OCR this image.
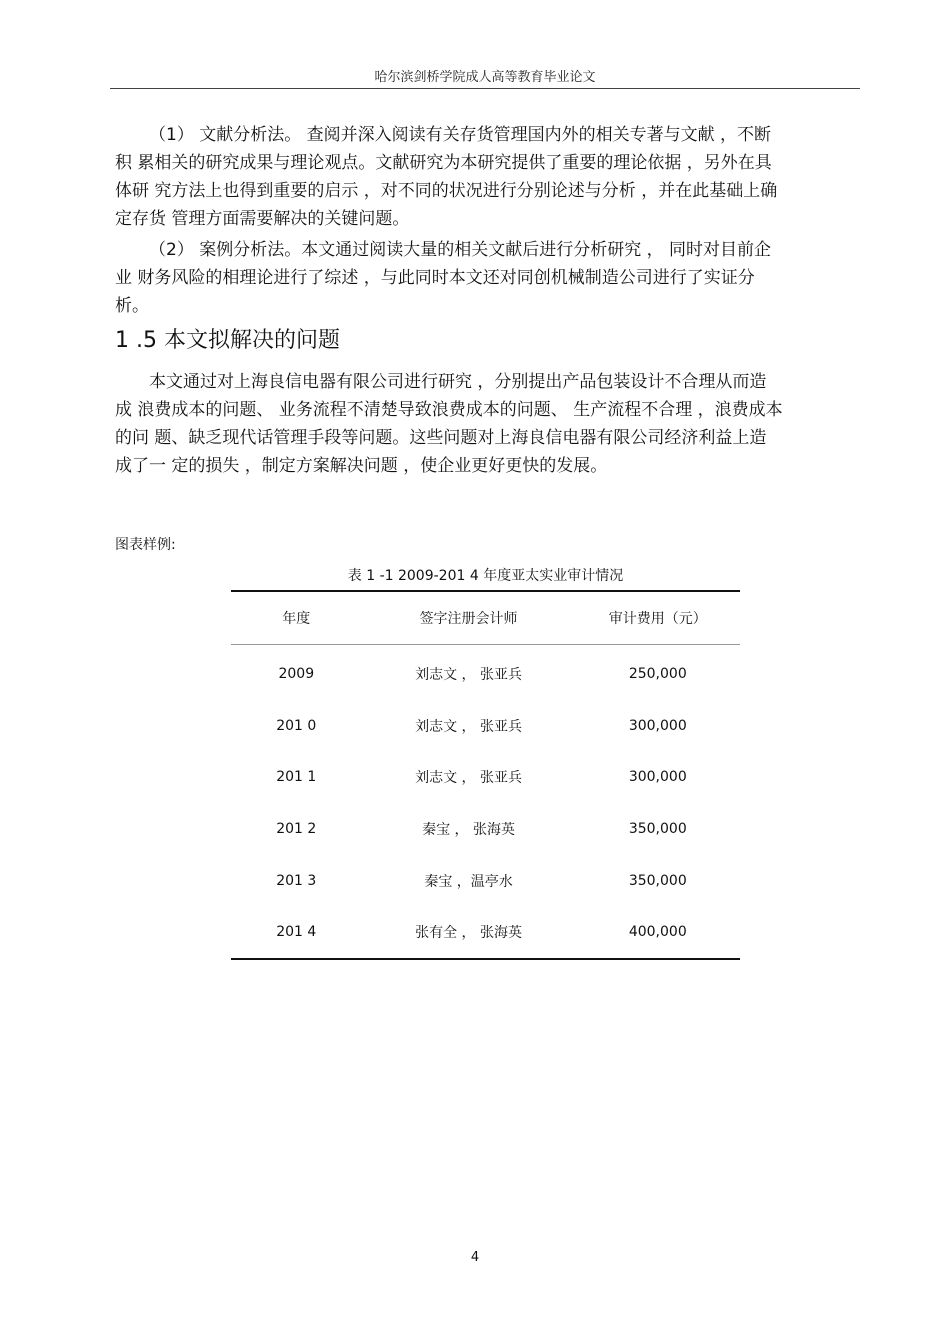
哈尔滨剑桥学院成人高等教育毕业论文

（1） 文献分析法。 查阅并深入阅读有关存货管理国内外的相关专著与文献 ，不断
积 累相关的研究成果与理论观点。文献研究为本研究提供了重要的理论依据 ，另外在具
体研 究方法上也得到重要的启示 ，对不同的状况进行分别论述与分析 ，并在此基础上确
定存货 管理方面需要解决的关键问题。

（2） 案例分析法。本文通过阅读大量的相关文献后进行分析研究 ， 同时对目前企
业 财务风险的相理论进行了综述 ，与此同时本文还对同创机械制造公司进行了实证分
析。

1 .5 本文拟解决的问题

本文通过对上海良信电器有限公司进行研究 ，分别提出产品包装设计不合理从而造
成 浪费成本的问题、 业务流程不清楚导致浪费成本的问题、 生产流程不合理 ，浪费成本
的问 题、缺乏现代话管理手段等问题。这些问题对上海良信电器有限公司经济利益上造
成了一 定的损失 ，制定方案解决问题 ，使企业更好更快的发展。

图表样例:
表 1 -1 2009-201 4 年度亚太实业审计情况
年度	签字注册会计师	审计费用（元）
2009	刘志文 ， 张亚兵	250,000
201 0	刘志文 ， 张亚兵	300,000
201 1	刘志文 ， 张亚兵	300,000
201 2	秦宝 ， 张海英	350,000
201 3	秦宝 ，温亭水	350,000
201 4	张有全 ， 张海英	400,000
4
